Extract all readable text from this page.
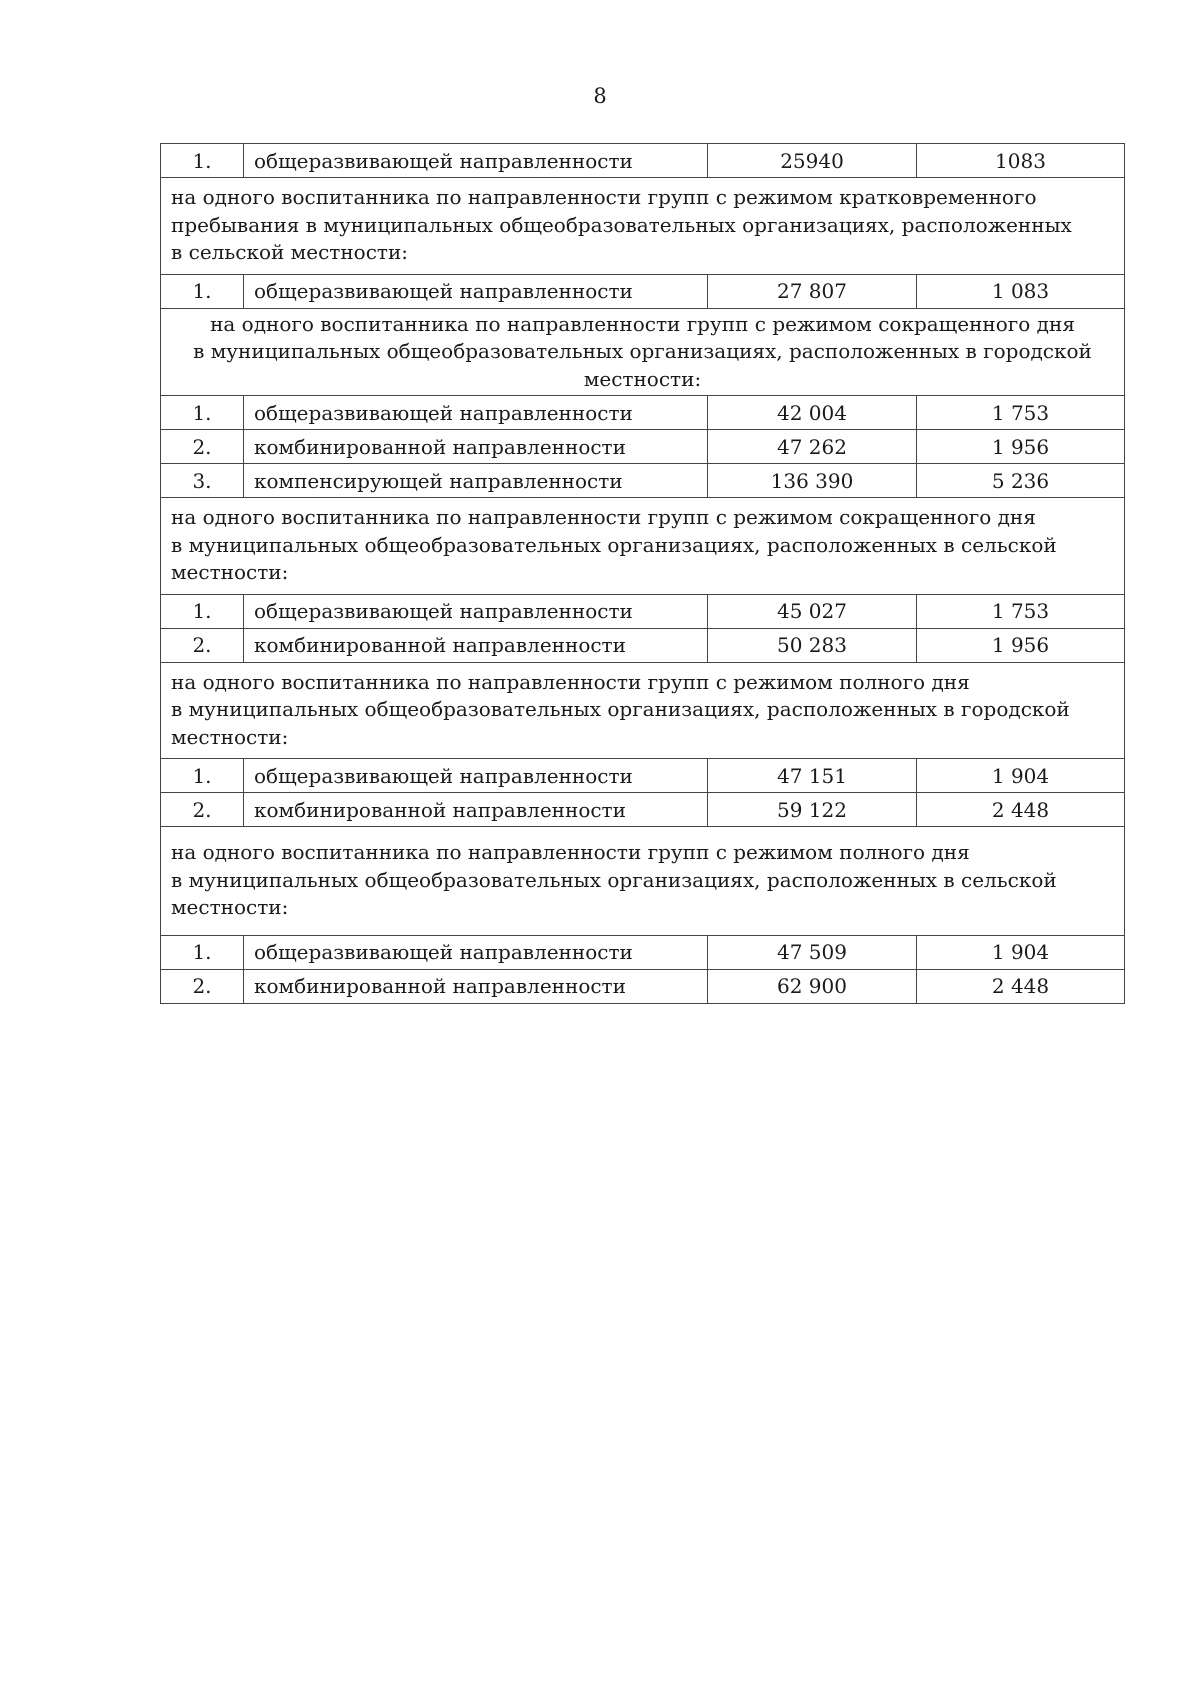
8
1.	общеразвивающей направленности	25940	1083

на одного воспитанника по направленности групп с режимом кратковременного
пребывания в муниципальных общеобразовательных организациях, расположенных
в сельской местности:			

1.	общеразвивающей направленности	27 807	1 083

на одного воспитанника по направленности групп с режимом сокращенного дня
в муниципальных общеобразовательных организациях, расположенных в городской
местности:			

1.	общеразвивающей направленности	42 004	1 753
2.	комбинированной направленности	47 262	1 956
3.	компенсирующей направленности	136 390	5 236

на одного воспитанника по направленности групп с режимом сокращенного дня
в муниципальных общеобразовательных организациях, расположенных в сельской
местности:			

1.	общеразвивающей направленности	45 027	1 753
2.	комбинированной направленности	50 283	1 956

на одного воспитанника по направленности групп с режимом полного дня
в муниципальных общеобразовательных организациях, расположенных в городской
местности:			

1.	общеразвивающей направленности	47 151	1 904
2.	комбинированной направленности	59 122	2 448

на одного воспитанника по направленности групп с режимом полного дня
в муниципальных общеобразовательных организациях, расположенных в сельской
местности:			

1.	общеразвивающей направленности	47 509	1 904
2.	комбинированной направленности	62 900	2 448
